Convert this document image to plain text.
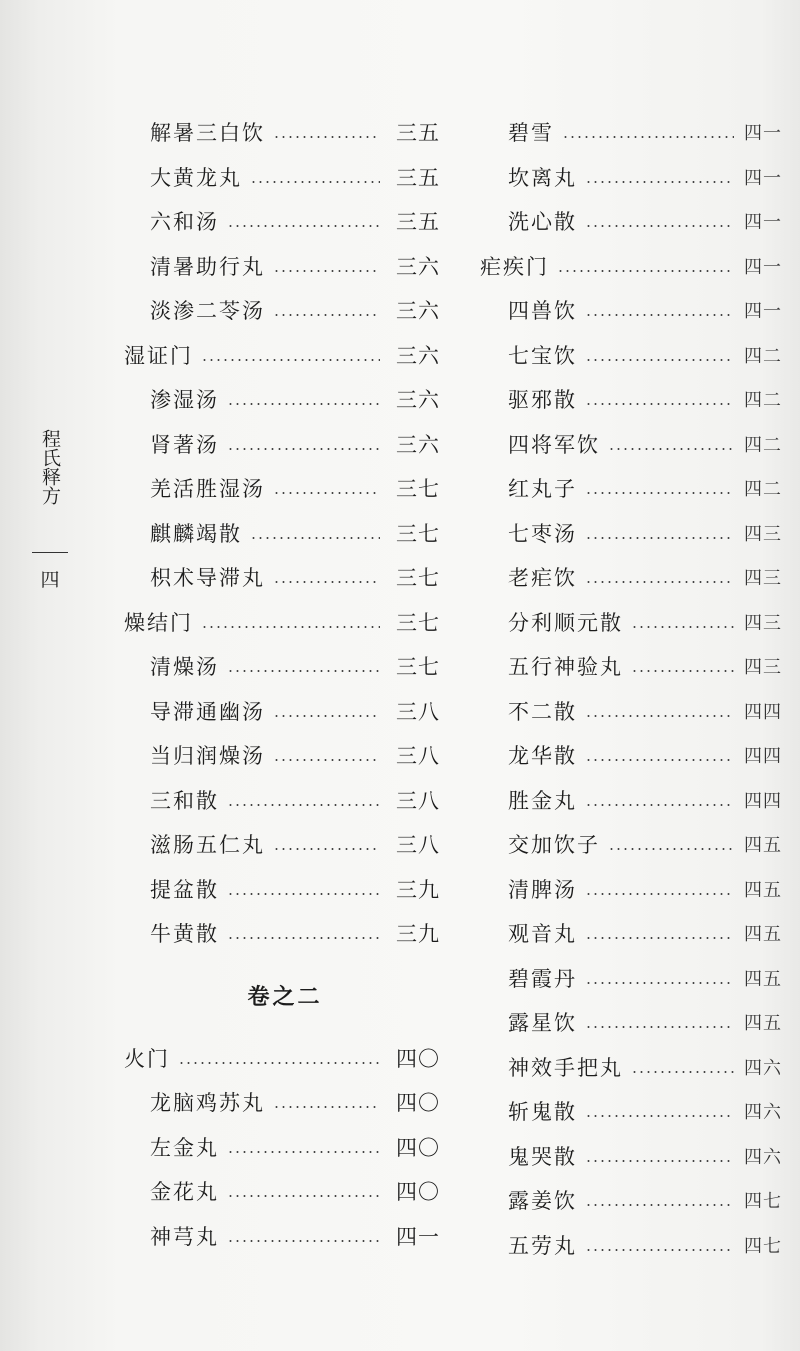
程氏释方
四
解暑三白饮	三五
大黄龙丸	三五
六和汤	三五
清暑助行丸	三六
淡渗二苓汤	三六
湿证门	三六
渗湿汤	三六
肾著汤	三六
羌活胜湿汤	三七
麒麟竭散	三七
枳术导滞丸	三七
燥结门	三七
清燥汤	三七
导滞通幽汤	三八
当归润燥汤	三八
三和散	三八
滋肠五仁丸	三八
提盆散	三九
牛黄散	三九
卷之二
火门	四〇
龙脑鸡苏丸	四〇
左金丸	四〇
金花丸	四〇
神芎丸	四一
碧雪	四一
坎离丸	四一
洗心散	四一
疟疾门	四一
四兽饮	四一
七宝饮	四二
驱邪散	四二
四将军饮	四二
红丸子	四二
七枣汤	四三
老疟饮	四三
分利顺元散	四三
五行神验丸	四三
不二散	四四
龙华散	四四
胜金丸	四四
交加饮子	四五
清脾汤	四五
观音丸	四五
碧霞丹	四五
露星饮	四五
神效手把丸	四六
斩鬼散	四六
鬼哭散	四六
露姜饮	四七
五劳丸	四七
